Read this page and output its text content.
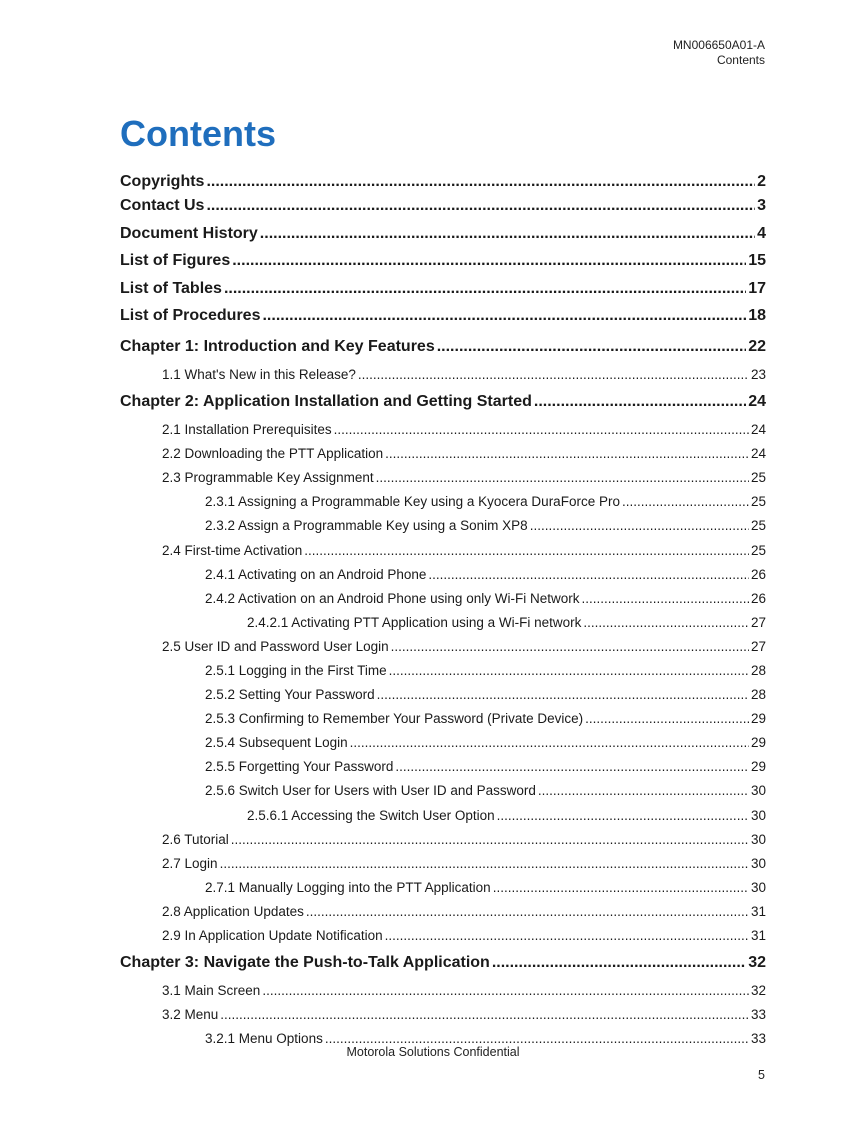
MN006650A01-A
Contents
Contents
Copyrights .....	2
Contact Us .....	3
Document History .....	4
List of Figures .....	15
List of Tables .....	17
List of Procedures .....	18
Chapter 1: Introduction and Key Features .....	22
1.1 What's New in this Release? .....	23
Chapter 2: Application Installation and Getting Started .....	24
2.1 Installation Prerequisites .....	24
2.2 Downloading the PTT Application .....	24
2.3 Programmable Key Assignment .....	25
2.3.1 Assigning a Programmable Key using a Kyocera DuraForce Pro .....	25
2.3.2 Assign a Programmable Key using a Sonim XP8 .....	25
2.4 First-time Activation .....	25
2.4.1 Activating on an Android Phone .....	26
2.4.2 Activation on an Android Phone using only Wi-Fi Network .....	26
2.4.2.1 Activating PTT Application using a Wi-Fi network .....	27
2.5 User ID and Password User Login .....	27
2.5.1 Logging in the First Time .....	28
2.5.2 Setting Your Password .....	28
2.5.3 Confirming to Remember Your Password (Private Device) .....	29
2.5.4 Subsequent Login .....	29
2.5.5 Forgetting Your Password .....	29
2.5.6 Switch User for Users with User ID and Password .....	30
2.5.6.1 Accessing the Switch User Option .....	30
2.6 Tutorial .....	30
2.7 Login .....	30
2.7.1 Manually Logging into the PTT Application .....	30
2.8 Application Updates .....	31
2.9 In Application Update Notification .....	31
Chapter 3: Navigate the Push-to-Talk Application .....	32
3.1 Main Screen .....	32
3.2 Menu .....	33
3.2.1 Menu Options .....	33
Motorola Solutions Confidential
5
